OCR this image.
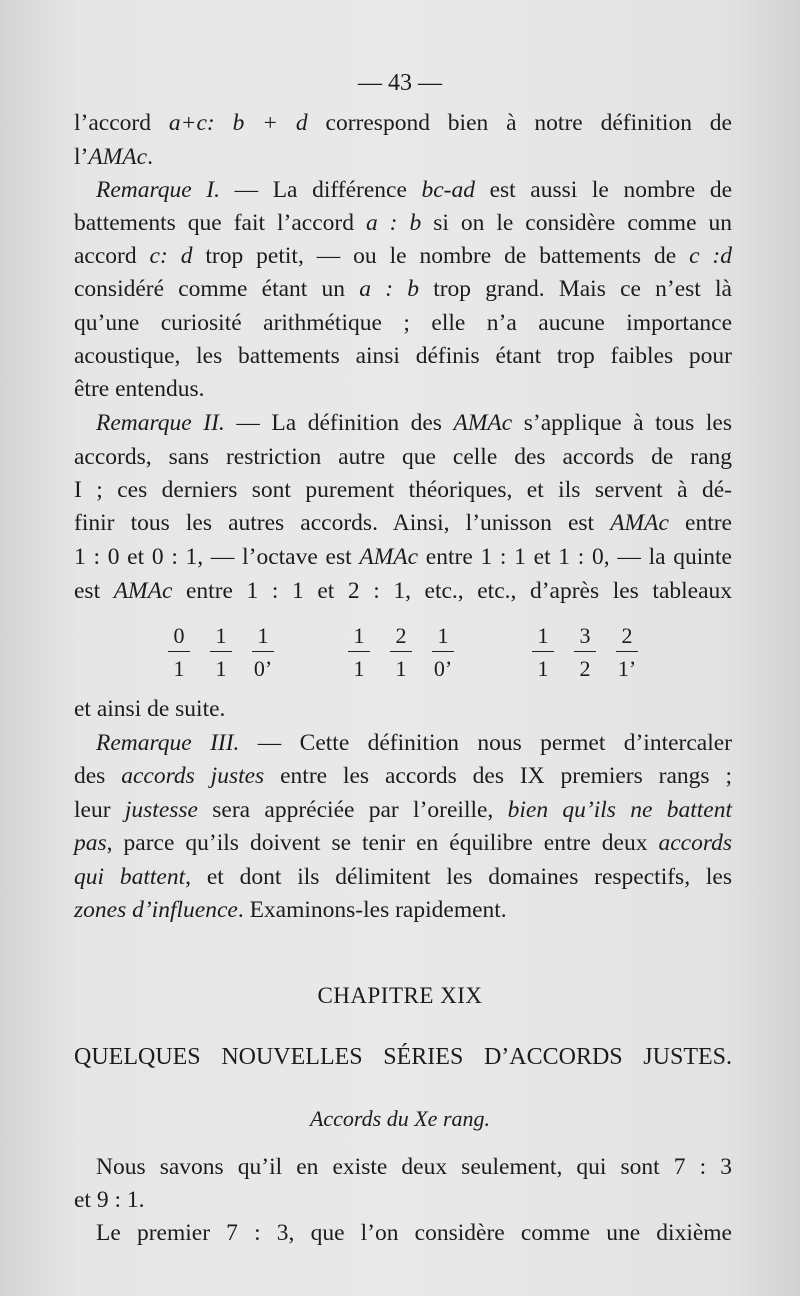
— 43 —
l’accord a+c: b + d correspond bien à notre définition de
l’AMAc.
Remarque I. — La différence bc-ad est aussi le nombre de
battements que fait l’accord a : b si on le considère comme un
accord c: d trop petit, — ou le nombre de battements de c :d
considéré comme étant un a : b trop grand. Mais ce n’est là
qu’une curiosité arithmétique ; elle n’a aucune importance
acoustique, les battements ainsi définis étant trop faibles pour
être entendus.
Remarque II. — La définition des AMAc s’applique à tous les
accords, sans restriction autre que celle des accords de rang
I ; ces derniers sont purement théoriques, et ils servent à dé-
finir tous les autres accords. Ainsi, l’unisson est AMAc entre
1 : 0 et 0 : 1, — l’octave est AMAc entre 1 : 1 et 1 : 0, — la quinte
est AMAc entre 1 : 1 et 2 : 1, etc., etc., d’après les tableaux
$\frac{0}{1}$
$\frac{1}{1}$
$\frac{1}{0’}$	$\frac{1}{1}$
$\frac{2}{1}$
$\frac{1}{0’}$	$\frac{1}{1}$
$\frac{3}{2}$
$\frac{2}{1’}$
et ainsi de suite.
Remarque III. — Cette définition nous permet d’intercaler
des accords justes entre les accords des IX premiers rangs ;
leur justesse sera appréciée par l’oreille, bien qu’ils ne battent
pas, parce qu’ils doivent se tenir en équilibre entre deux accords
qui battent, et dont ils délimitent les domaines respectifs, les
zones d’influence. Examinons-les rapidement.
CHAPITRE XIX
QUELQUES NOUVELLES SÉRIES D’ACCORDS JUSTES.
Accords du Xe rang.
Nous savons qu’il en existe deux seulement, qui sont 7 : 3
et 9 : 1.
Le premier 7 : 3, que l’on considère comme une dixième
